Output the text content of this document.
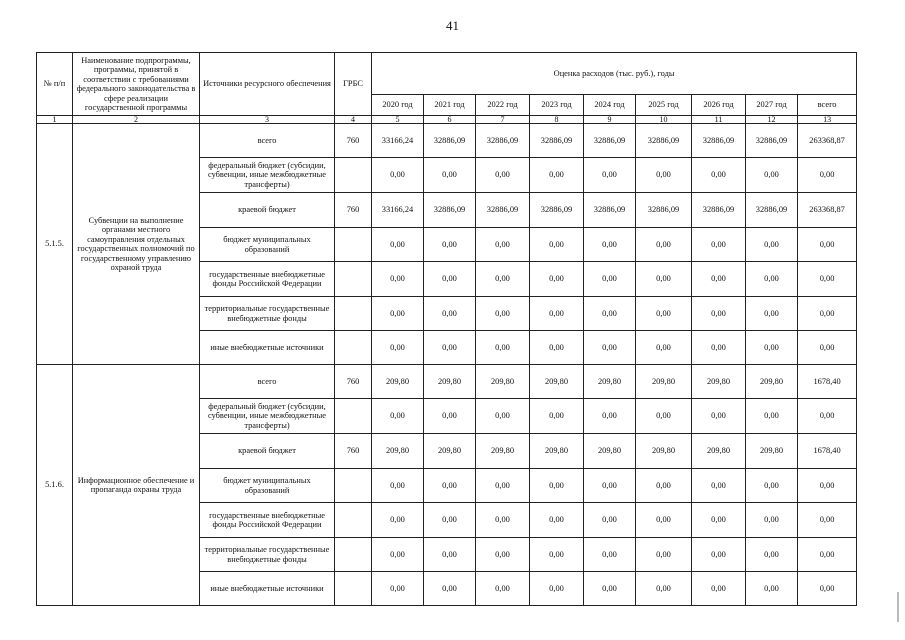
41
№ п/п	Наименование подпрограммы, программы, принятой в соответствии с требованиями федерального законодательства в сфере реализации государственной программы	Источники ресурсного обеспечения	ГРБС	Оценка расходов (тыс. руб.), годы								
				2020 год	2021 год	2022 год	2023 год	2024 год	2025 год	2026 год	2027 год	всего
1	2	3	4	5	6	7	8	9	10	11	12	13
5.1.5.	Субвенции на выполнение органами местного самоуправления отдельных государственных полномочий по государственному управлению охраной труда	всего	760	33166,24	32886,09	32886,09	32886,09	32886,09	32886,09	32886,09	32886,09	263368,87
		федеральный бюджет (субсидии, субвенции, иные межбюджетные трансферты)		0,00	0,00	0,00	0,00	0,00	0,00	0,00	0,00	0,00
		краевой бюджет	760	33166,24	32886,09	32886,09	32886,09	32886,09	32886,09	32886,09	32886,09	263368,87
		бюджет муниципальных образований		0,00	0,00	0,00	0,00	0,00	0,00	0,00	0,00	0,00
		государственные внебюджетные фонды Российской Федерации		0,00	0,00	0,00	0,00	0,00	0,00	0,00	0,00	0,00
		территориальные государственные внебюджетные фонды		0,00	0,00	0,00	0,00	0,00	0,00	0,00	0,00	0,00
		иные внебюджетные источники		0,00	0,00	0,00	0,00	0,00	0,00	0,00	0,00	0,00
5.1.6.	Информационное обеспечение и пропаганда охраны труда	всего	760	209,80	209,80	209,80	209,80	209,80	209,80	209,80	209,80	1678,40
		федеральный бюджет (субсидии, субвенции, иные межбюджетные трансферты)		0,00	0,00	0,00	0,00	0,00	0,00	0,00	0,00	0,00
		краевой бюджет	760	209,80	209,80	209,80	209,80	209,80	209,80	209,80	209,80	1678,40
		бюджет муниципальных образований		0,00	0,00	0,00	0,00	0,00	0,00	0,00	0,00	0,00
		государственные внебюджетные фонды Российской Федерации		0,00	0,00	0,00	0,00	0,00	0,00	0,00	0,00	0,00
		территориальные государственные внебюджетные фонды		0,00	0,00	0,00	0,00	0,00	0,00	0,00	0,00	0,00
		иные внебюджетные источники		0,00	0,00	0,00	0,00	0,00	0,00	0,00	0,00	0,00
